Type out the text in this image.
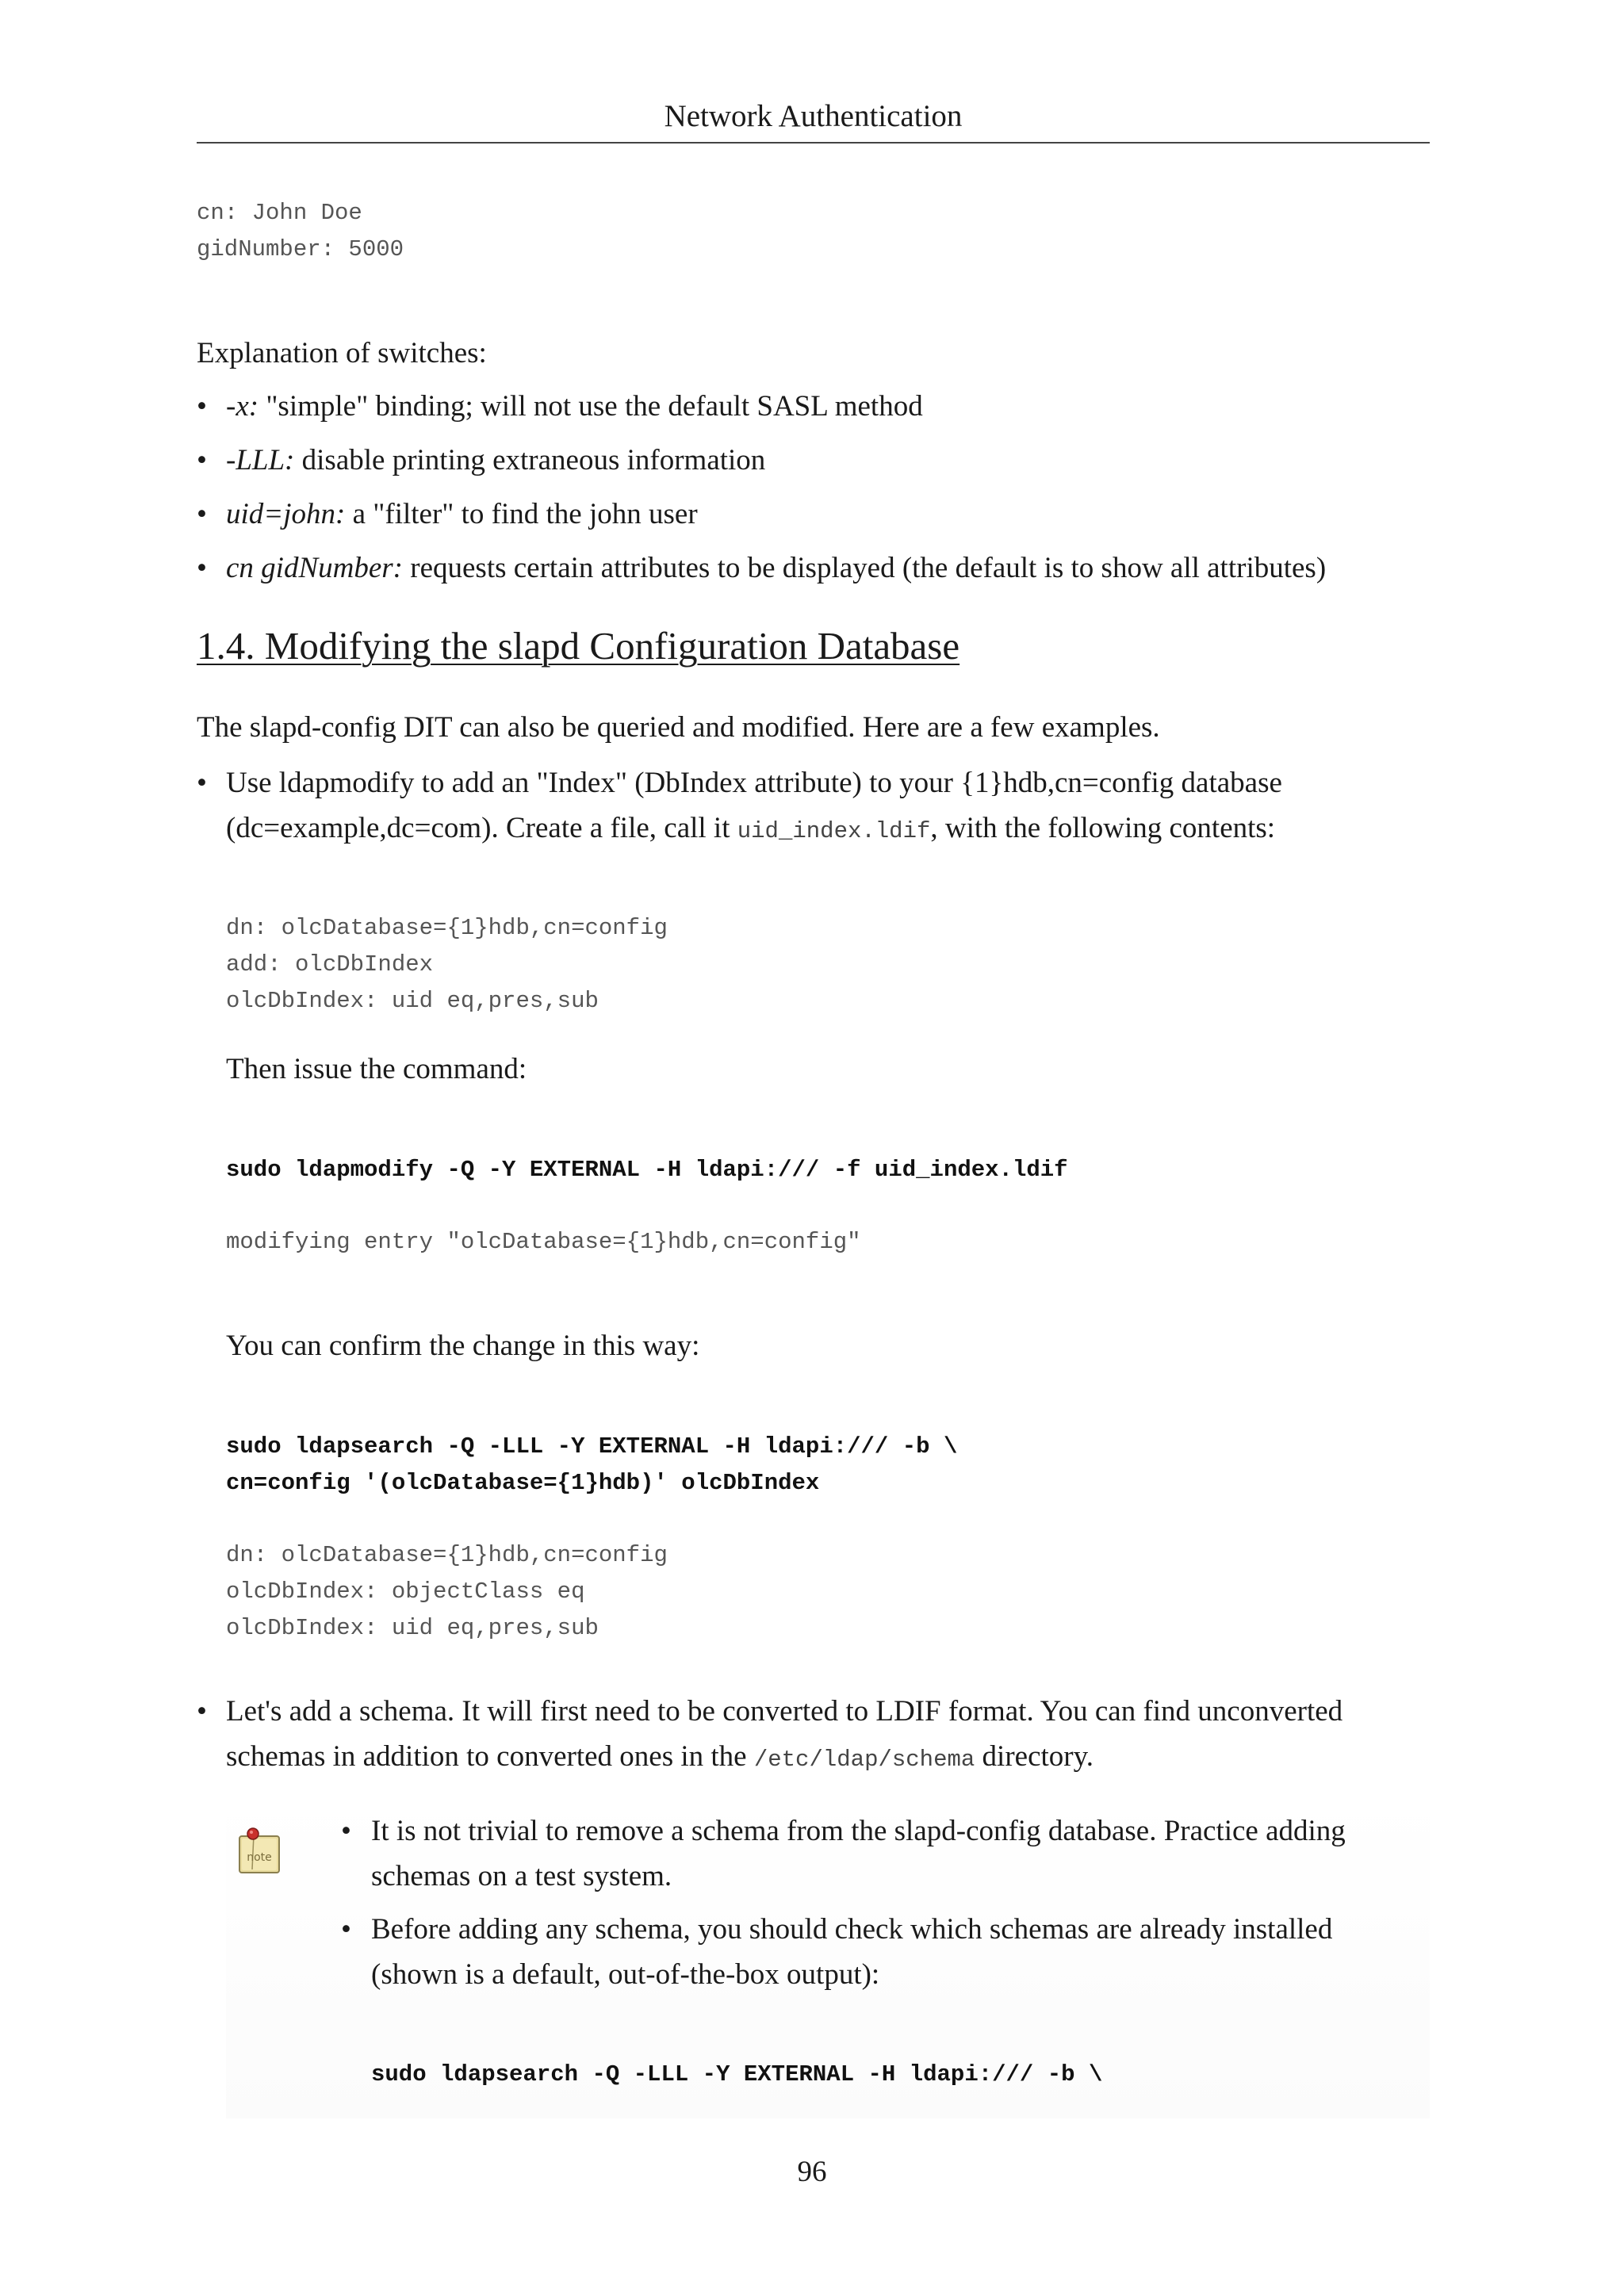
Network Authentication
cn: John Doe
gidNumber: 5000
Explanation of switches:
• -x: "simple" binding; will not use the default SASL method
• -LLL: disable printing extraneous information
• uid=john: a "filter" to find the john user
• cn gidNumber: requests certain attributes to be displayed (the default is to show all attributes)
1.4. Modifying the slapd Configuration Database
The slapd-config DIT can also be queried and modified. Here are a few examples.
• Use ldapmodify to add an "Index" (DbIndex attribute) to your {1}hdb,cn=config database
(dc=example,dc=com). Create a file, call it uid_index.ldif, with the following contents:
dn: olcDatabase={1}hdb,cn=config
add: olcDbIndex
olcDbIndex: uid eq,pres,sub
Then issue the command:
sudo ldapmodify -Q -Y EXTERNAL -H ldapi:/// -f uid_index.ldif
modifying entry "olcDatabase={1}hdb,cn=config"
You can confirm the change in this way:
sudo ldapsearch -Q -LLL -Y EXTERNAL -H ldapi:/// -b \
cn=config '(olcDatabase={1}hdb)' olcDbIndex
dn: olcDatabase={1}hdb,cn=config
olcDbIndex: objectClass eq
olcDbIndex: uid eq,pres,sub
• Let's add a schema. It will first need to be converted to LDIF format. You can find unconverted
schemas in addition to converted ones in the /etc/ldap/schema directory.
note
• It is not trivial to remove a schema from the slapd-config database. Practice adding
schemas on a test system.
• Before adding any schema, you should check which schemas are already installed
(shown is a default, out-of-the-box output):
sudo ldapsearch -Q -LLL -Y EXTERNAL -H ldapi:/// -b \
96
